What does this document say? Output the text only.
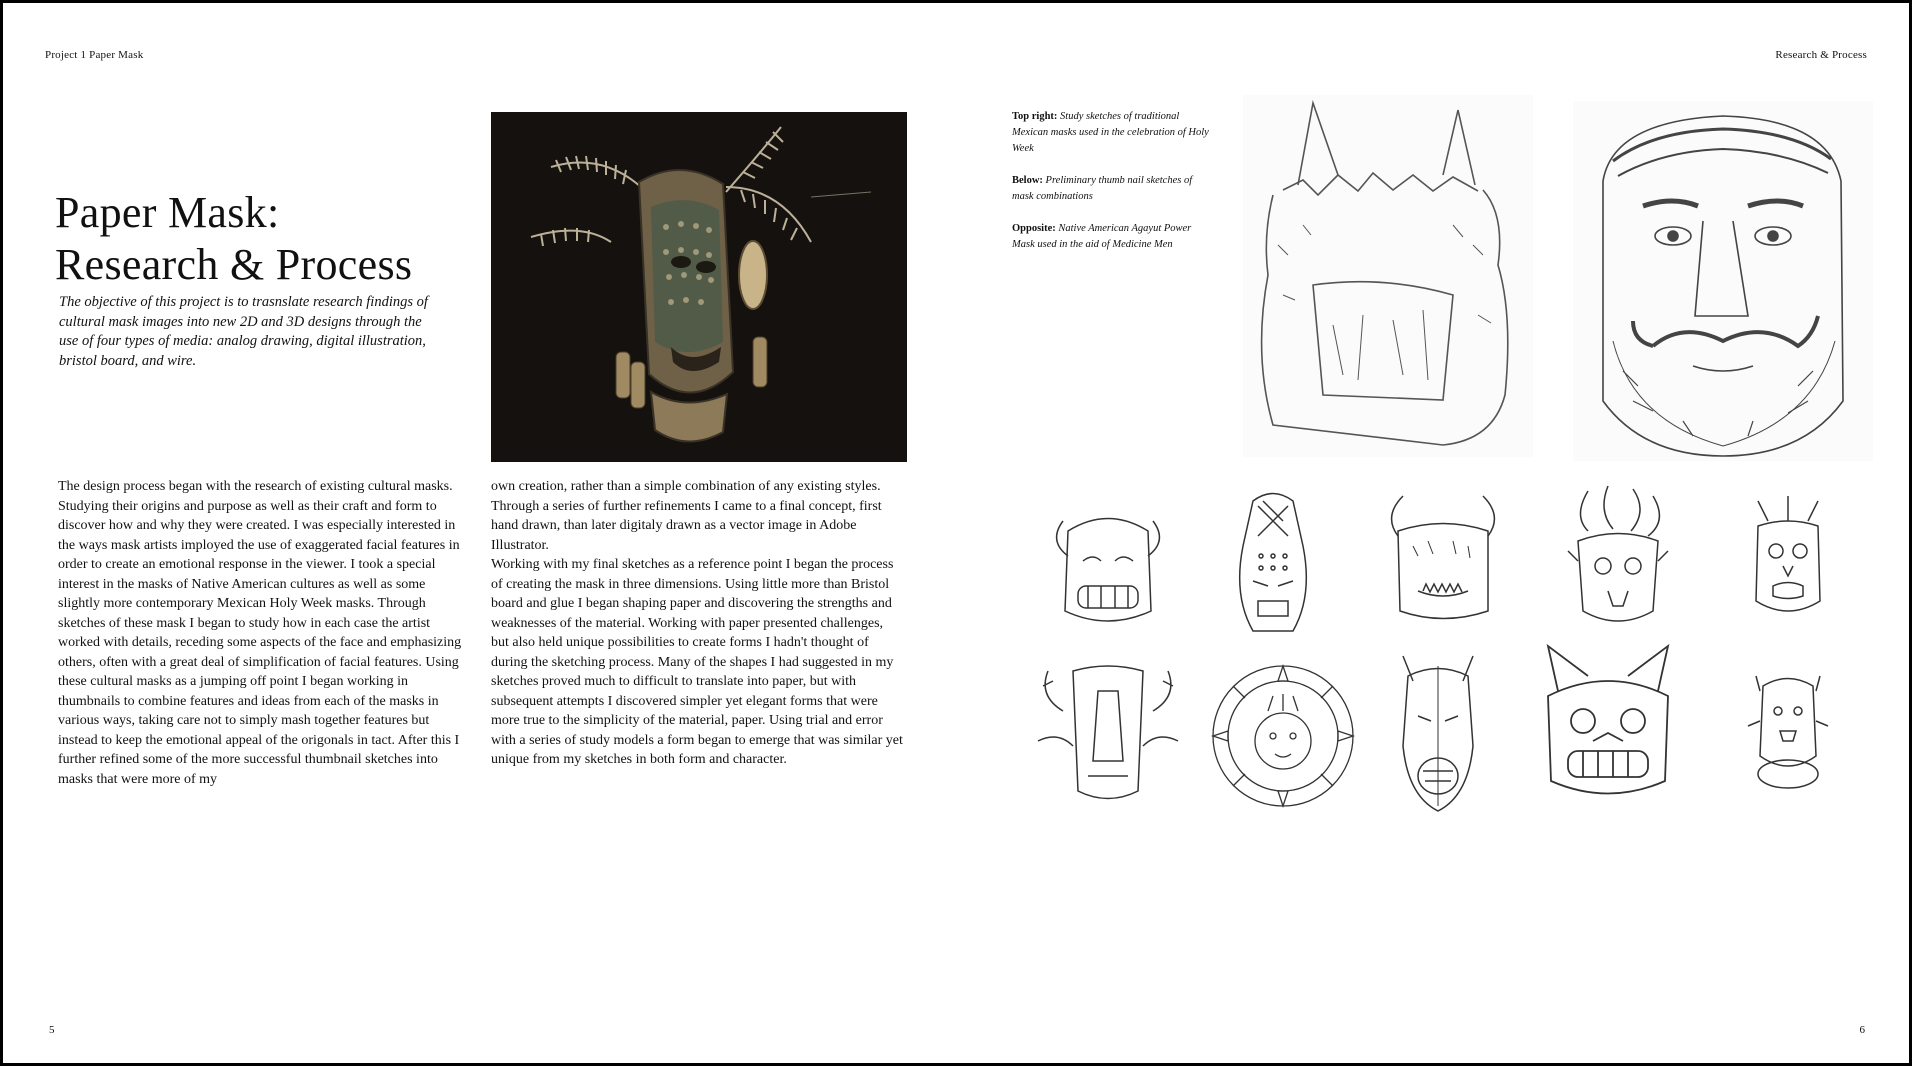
Project 1 Paper Mask	Research & Process
Paper Mask:
Research & Process
The objective of this project is to trasnslate research findings of cultural mask images into new 2D and 3D designs through the use of four types of media: analog drawing, digital illustration, bristol board, and wire.

The design process began with the research of existing cultural masks. Studying their origins and purpose as well as their craft and form to discover how and why they were created. I was especially interested in the ways mask artists imployed the use of exaggerated facial features in order to create an emotional response in the viewer. I took a special interest in the masks of Native American cultures as well as some slightly more contemporary Mexican Holy Week masks. Through sketches of these mask I began to study how in each case the artist worked with details, receding some aspects of the face and emphasizing others, often with a great deal of simplification of facial features. Using these cultural masks as a jumping off point I began working in thumbnails to combine features and ideas from each of the masks in various ways, taking care not to simply mash together features but instead to keep the emotional appeal of the origonals in tact. After this I further refined some of the more successful thumbnail sketches into masks that were more of my

own creation, rather than a simple combination of any existing styles. Through a series of further refinements I came to a final concept, first hand drawn, than later digitaly drawn as a vector image in Adobe Illustrator.

Working with my final sketches as a reference point I began the process of creating the mask in three dimensions. Using little more than Bristol board and glue I began shaping paper and discovering the strengths and weaknesses of the material. Working with paper presented challenges, but also held unique possibilities to create forms I hadn't thought of during the sketching process. Many of the shapes I had suggested in my sketches proved much to difficult to translate into paper, but with subsequent attempts I discovered simpler yet elegant forms that were more true to the simplicity of the material, paper. Using trial and error with a series of study models a form began to emerge that was similar yet unique from my sketches in both form and character.

Top right: Study sketches of traditional Mexican masks used in the celebration of Holy Week

Below: Preliminary thumb nail sketches of mask combinations

Opposite: Native American Agayut Power Mask used in the aid of Medicine Men

5	6
